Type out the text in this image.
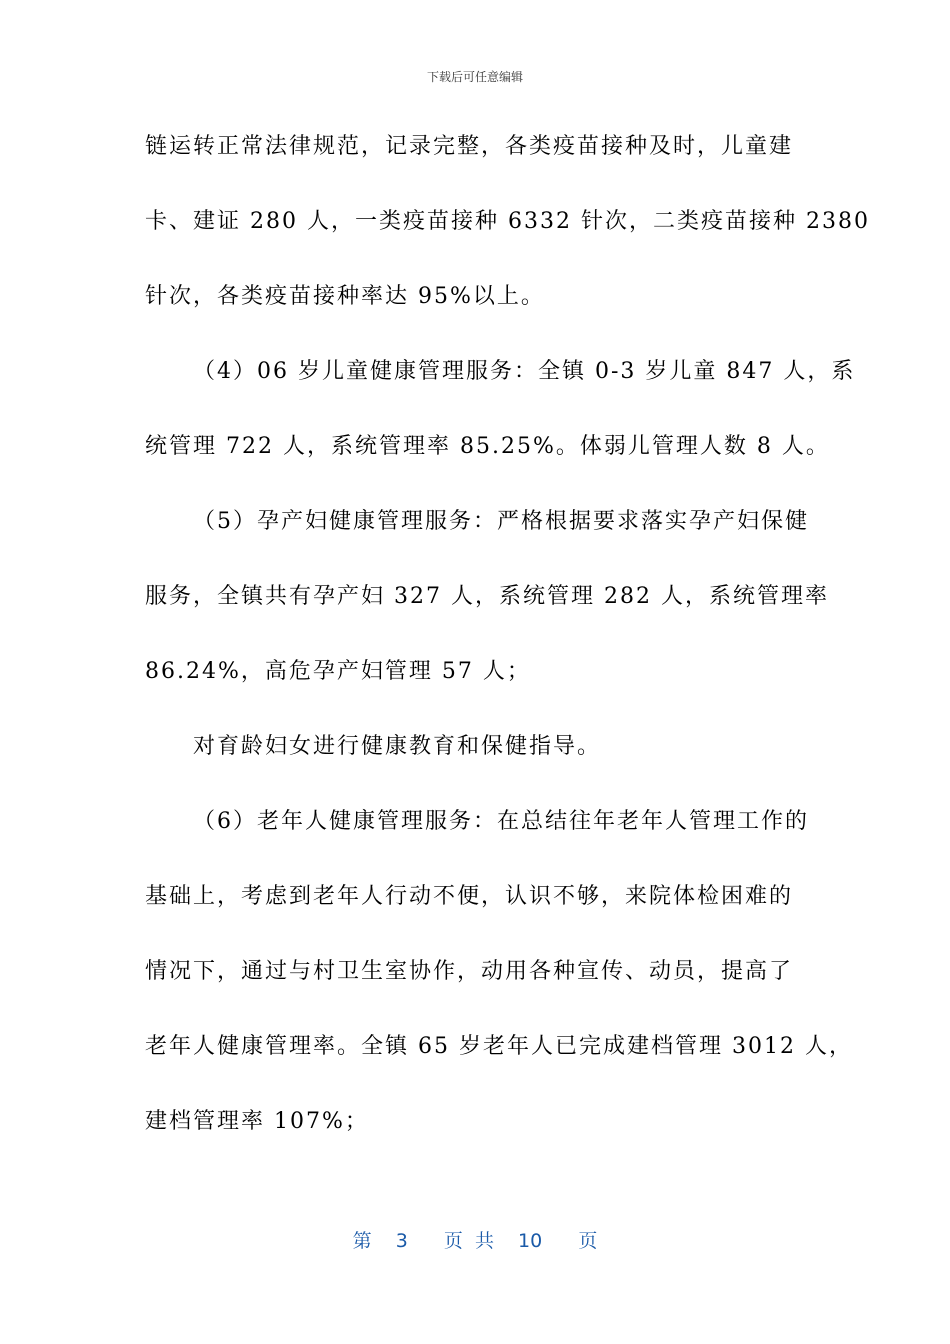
下载后可任意编辑
链运转正常法律规范，记录完整，各类疫苗接种及时，儿童建
卡、建证 280 人，一类疫苗接种 6332 针次，二类疫苗接种 2380
针次，各类疫苗接种率达 95%以上。
（4）06 岁儿童健康管理服务：全镇 0-3 岁儿童 847 人，系
统管理 722 人，系统管理率 85.25%。体弱儿管理人数 8 人。
（5）孕产妇健康管理服务：严格根据要求落实孕产妇保健
服务，全镇共有孕产妇 327 人，系统管理 282 人，系统管理率
86.24%，高危孕产妇管理 57 人；
对育龄妇女进行健康教育和保健指导。
（6）老年人健康管理服务：在总结往年老年人管理工作的
基础上，考虑到老年人行动不便，认识不够，来院体检困难的
情况下，通过与村卫生室协作，动用各种宣传、动员，提高了
老年人健康管理率。全镇 65 岁老年人已完成建档管理 3012 人，
建档管理率 107%；
第  3   页 共  10   页
